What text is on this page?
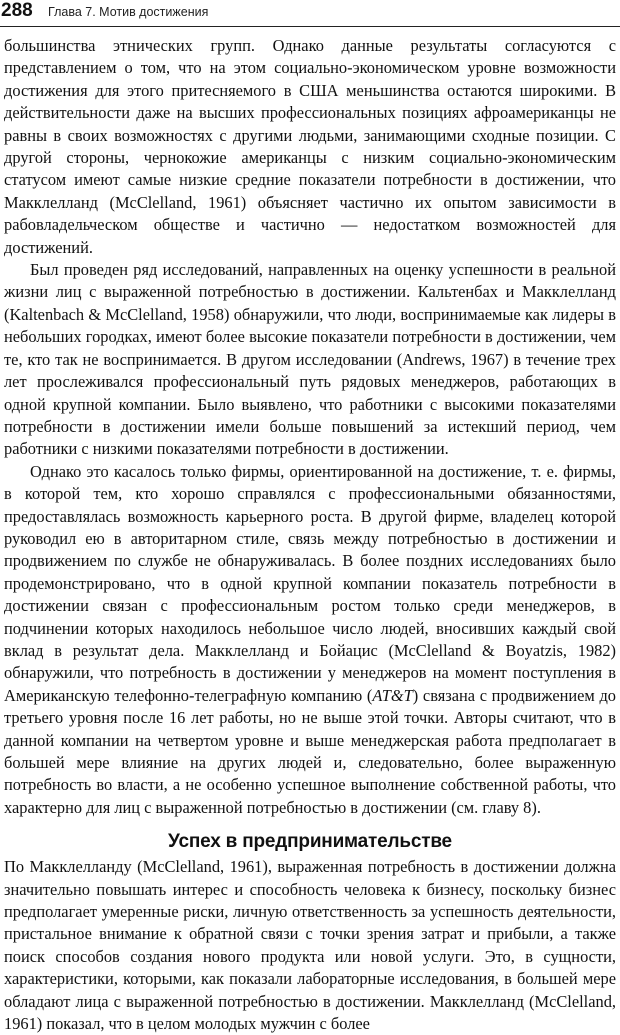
288 Глава 7. Мотив достижения

большинства этнических групп. Однако данные результаты согласуются с представлением о том, что на этом социально-экономическом уровне возможности достижения для этого притесняемого в США меньшинства остаются широкими. В действительности даже на высших профессиональных позициях афроамериканцы не равны в своих возможностях с другими людьми, занимающими сходные позиции. С другой стороны, чернокожие американцы с низким социально-экономическим статусом имеют самые низкие средние показатели потребности в достижении, что Макклелланд (McClelland, 1961) объясняет частично их опытом зависимости в рабовладельческом обществе и частично — недостатком возможностей для достижений.

Был проведен ряд исследований, направленных на оценку успешности в реальной жизни лиц с выраженной потребностью в достижении. Кальтенбах и Макклелланд (Kaltenbach & McClelland, 1958) обнаружили, что люди, воспринимаемые как лидеры в небольших городках, имеют более высокие показатели потребности в достижении, чем те, кто так не воспринимается. В другом исследовании (Andrews, 1967) в течение трех лет прослеживался профессиональный путь рядовых менеджеров, работающих в одной крупной компании. Было выявлено, что работники с высокими показателями потребности в достижении имели больше повышений за истекший период, чем работники с низкими показателями потребности в достижении.

Однако это касалось только фирмы, ориентированной на достижение, т. е. фирмы, в которой тем, кто хорошо справлялся с профессиональными обязанностями, предоставлялась возможность карьерного роста. В другой фирме, владелец которой руководил ею в авторитарном стиле, связь между потребностью в достижении и продвижением по службе не обнаруживалась. В более поздних исследованиях было продемонстрировано, что в одной крупной компании показатель потребности в достижении связан с профессиональным ростом только среди менеджеров, в подчинении которых находилось небольшое число людей, вносивших каждый свой вклад в результат дела. Макклелланд и Бойацис (McClelland & Boyatzis, 1982) обнаружили, что потребность в достижении у менеджеров на момент поступления в Американскую телефонно-телеграфную компанию (AT&T) связана с продвижением до третьего уровня после 16 лет работы, но не выше этой точки. Авторы считают, что в данной компании на четвертом уровне и выше менеджерская работа предполагает в большей мере влияние на других людей и, следовательно, более выраженную потребность во власти, а не особенно успешное выполнение собственной работы, что характерно для лиц с выраженной потребностью в достижении (см. главу 8).

Успех в предпринимательстве

По Макклелланду (McClelland, 1961), выраженная потребность в достижении должна значительно повышать интерес и способность человека к бизнесу, поскольку бизнес предполагает умеренные риски, личную ответственность за успешность деятельности, пристальное внимание к обратной связи с точки зрения затрат и прибыли, а также поиск способов создания нового продукта или новой услуги. Это, в сущности, характеристики, которыми, как показали лабораторные исследования, в большей мере обладают лица с выраженной потребностью в достижении. Макклелланд (McClelland, 1961) показал, что в целом молодых мужчин с более
